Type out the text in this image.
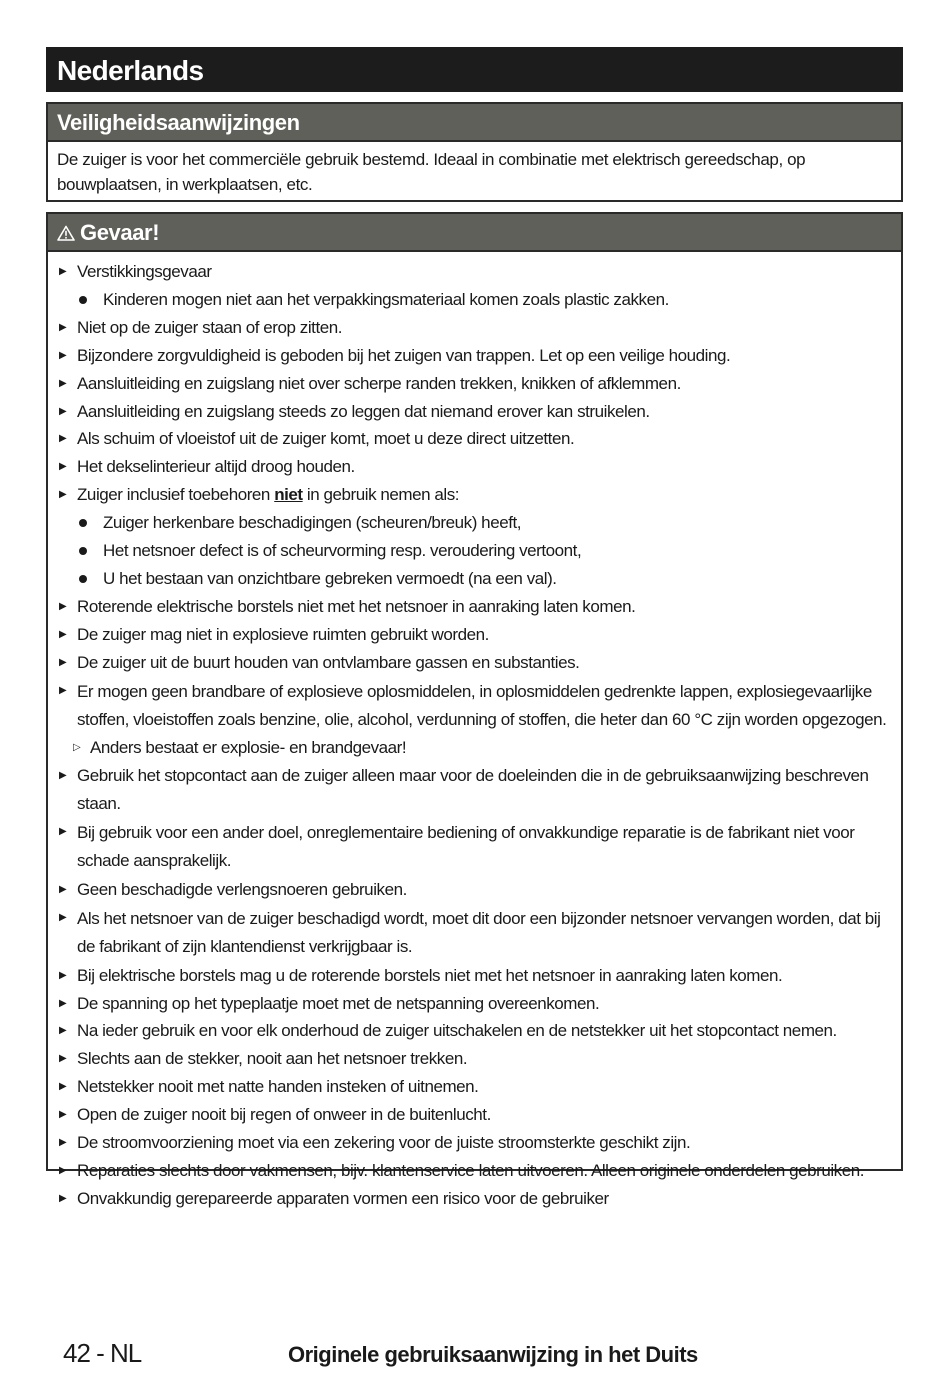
Nederlands
Veiligheidsaanwijzingen
De zuiger is voor het commerciële gebruik bestemd. Ideaal in combinatie met elektrisch gereedschap, op bouwplaatsen, in werkplaatsen, etc.
Gevaar!
▶ Verstikkingsgevaar
Kinderen mogen niet aan het verpakkingsmateriaal komen zoals plastic zakken.
▶ Niet op de zuiger staan of erop zitten.
▶ Bijzondere zorgvuldigheid is geboden bij het zuigen van trappen. Let op een veilige houding.
▶ Aansluitleiding en zuigslang niet over scherpe randen trekken, knikken of afklemmen.
▶ Aansluitleiding en zuigslang steeds zo leggen dat niemand erover kan struikelen.
▶ Als schuim of vloeistof uit de zuiger komt, moet u deze direct uitzetten.
▶ Het dekselinterieur altijd droog houden.
▶ Zuiger inclusief toebehoren niet in gebruik nemen als:
Zuiger herkenbare beschadigingen (scheuren/breuk) heeft,
Het netsnoer defect is of scheurvorming resp. veroudering vertoont,
U het bestaan van onzichtbare gebreken vermoedt (na een val).
▶ Roterende elektrische borstels niet met het netsnoer in aanraking laten komen.
▶ De zuiger mag niet in explosieve ruimten gebruikt worden.
▶ De zuiger uit de buurt houden van ontvlambare gassen en substanties.
▶ Er mogen geen brandbare of explosieve oplosmiddelen, in oplosmiddelen gedrenkte lappen, explosiegevaarlijke stoffen, vloeistoffen zoals benzine, olie, alcohol, verdunning of stoffen, die heter dan 60 °C zijn worden opgezogen.
▷ Anders bestaat er explosie- en brandgevaar!
▶ Gebruik het stopcontact aan de zuiger alleen maar voor de doeleinden die in de gebruiksaanwijzing beschreven staan.
▶ Bij gebruik voor een ander doel, onreglementaire bediening of onvakkundige reparatie is de fabrikant niet voor schade aansprakelijk.
▶ Geen beschadigde verlengsnoeren gebruiken.
▶ Als het netsnoer van de zuiger beschadigd wordt, moet dit door een bijzonder netsnoer vervangen worden, dat bij de fabrikant of zijn klantendienst verkrijgbaar is.
▶ Bij elektrische borstels mag u de roterende borstels niet met het netsnoer in aanraking laten komen.
▶ De spanning op het typeplaatje moet met de netspanning overeenkomen.
▶ Na ieder gebruik en voor elk onderhoud de zuiger uitschakelen en de netstekker uit het stopcontact nemen.
▶ Slechts aan de stekker, nooit aan het netsnoer trekken.
▶ Netstekker nooit met natte handen insteken of uitnemen.
▶ Open de zuiger nooit bij regen of onweer in de buitenlucht.
▶ De stroomvoorziening moet via een zekering voor de juiste stroomsterkte geschikt zijn.
▶ Reparaties slechts door vakmensen, bijv. klantenservice laten uitvoeren. Alleen originele onderdelen gebruiken.
▶ Onvakkundig gerepareerde apparaten vormen een risico voor de gebruiker
42 - NL	Originele gebruiksaanwijzing in het Duits
